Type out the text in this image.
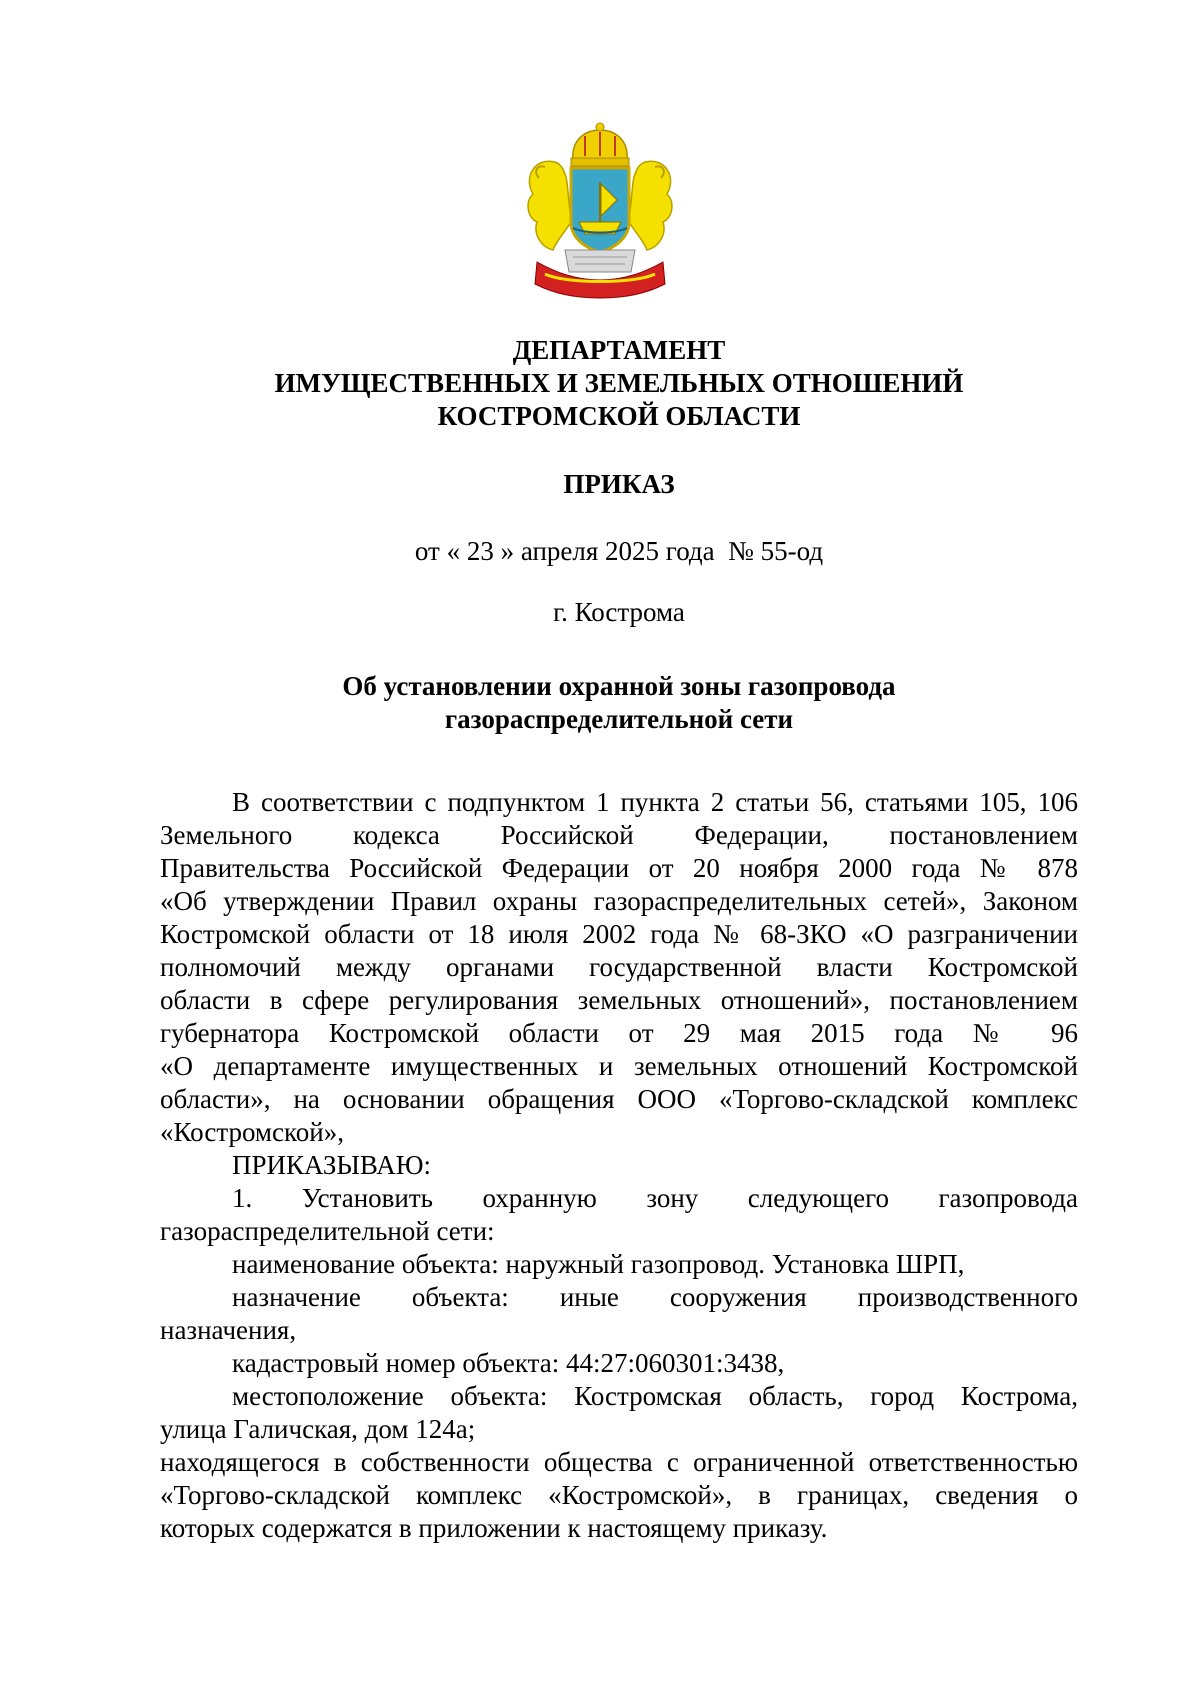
ДЕПАРТАМЕНТ
ИМУЩЕСТВЕННЫХ И ЗЕМЕЛЬНЫХ ОТНОШЕНИЙ
КОСТРОМСКОЙ ОБЛАСТИ
ПРИКАЗ
от « 23 » апреля 2025 года  № 55-од
г. Кострома
Об установлении охранной зоны газопровода
газораспределительной сети

В соответствии с подпунктом 1 пункта 2 статьи 56, статьями 105, 106

Земельного кодекса Российской Федерации, постановлением

Правительства Российской Федерации от 20 ноября 2000 года № 878

«Об утверждении Правил охраны газораспределительных сетей», Законом

Костромской области от 18 июля 2002 года № 68-ЗКО «О разграничении

полномочий между органами государственной власти Костромской

области в сфере регулирования земельных отношений», постановлением

губернатора Костромской области от 29 мая 2015 года № 96

«О департаменте имущественных и земельных отношений Костромской

области», на основании обращения ООО «Торгово-складской комплекс

«Костромской»,

ПРИКАЗЫВАЮ:

1. Установить охранную зону следующего газопровода

газораспределительной сети:

наименование объекта: наружный газопровод. Установка ШРП,

назначение объекта: иные сооружения производственного

назначения,

кадастровый номер объекта: 44:27:060301:3438,

местоположение объекта: Костромская область, город Кострома,

улица Галичская, дом 124а;

находящегося в собственности общества с ограниченной ответственностью

«Торгово-складской комплекс «Костромской», в границах, сведения о

которых содержатся в приложении к настоящему приказу.
